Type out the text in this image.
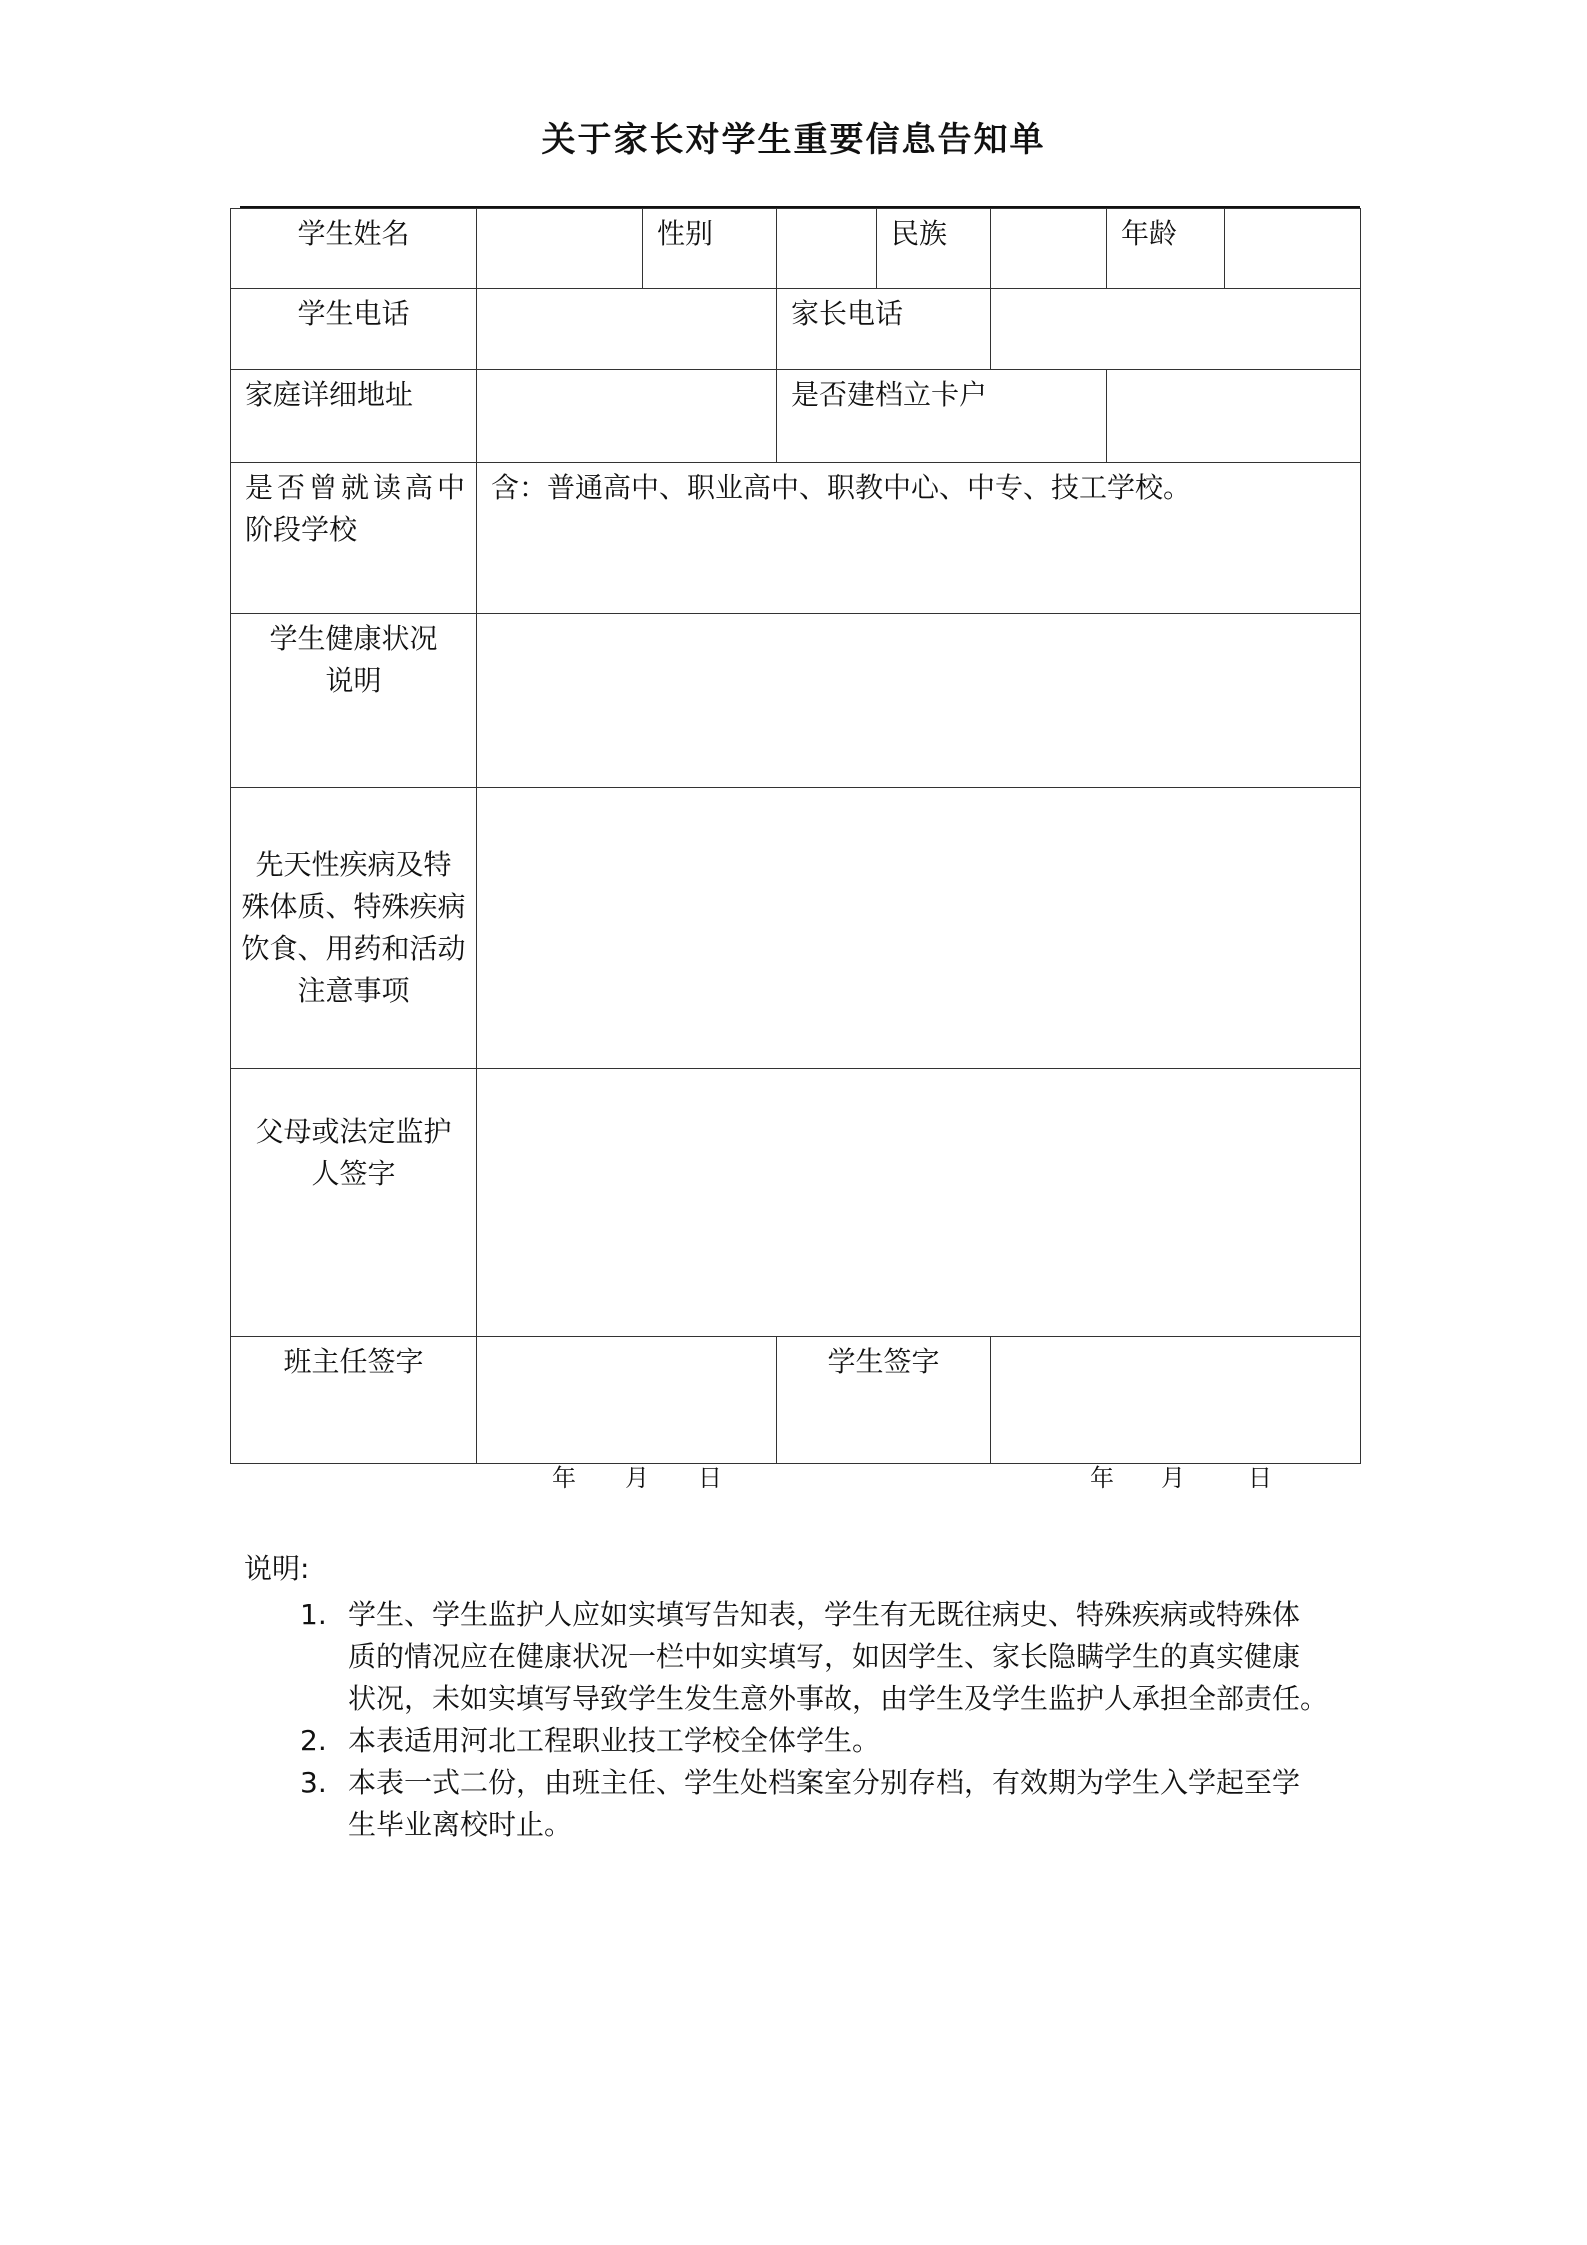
关于家长对学生重要信息告知单
学生姓名		性别		民族		年龄	
学生电话			家长电话				
家庭详细地址			是否建档立卡户				

是否曾就读高中
阶段学校	含：普通高中、职业高中、职教中心、中专、技工学校。						

学生健康状况
说明							

先天性疾病及特
殊体质、特殊疾病
饮食、用药和活动
注意事项							

父母或法定监护
人签字							

班主任签字	年 月 日		学生签字		年 月 日		
说明:
1. 学生、学生监护人应如实填写告知表，学生有无既往病史、特殊疾病或特殊体
质的情况应在健康状况一栏中如实填写，如因学生、家长隐瞒学生的真实健康
状况，未如实填写导致学生发生意外事故，由学生及学生监护人承担全部责任。
2. 本表适用河北工程职业技工学校全体学生。
3. 本表一式二份，由班主任、学生处档案室分别存档，有效期为学生入学起至学
生毕业离校时止。
